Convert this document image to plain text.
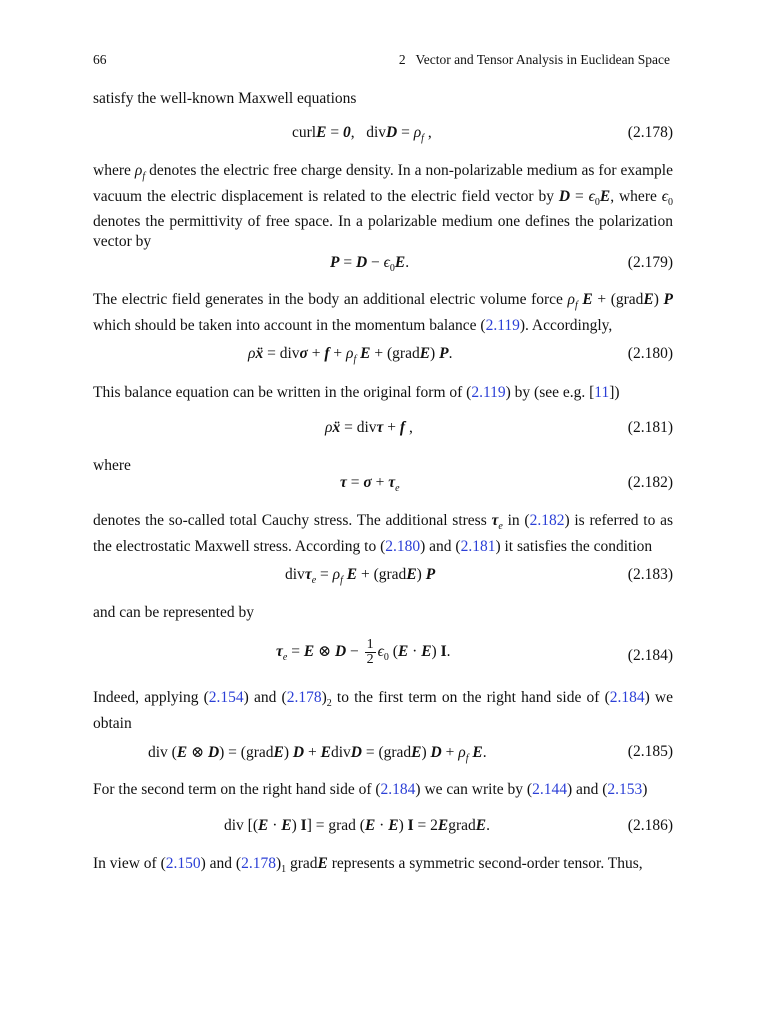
66	2   Vector and Tensor Analysis in Euclidean Space
satisfy the well-known Maxwell equations
curlE = 0,   divD = $\rho_f$ ,	(2.178)
where $\rho_f$ denotes the electric free charge density. In a non-polarizable medium as for example vacuum the electric displacement is related to the electric field vector by $D = \epsilon_0E$, where $\epsilon_0$ denotes the permittivity of free space. In a polarizable medium one defines the polarization vector by
$P = D - \epsilon_0E$.	(2.179)
The electric field generates in the body an additional electric volume force $\rho_f$ E + (gradE) P which should be taken into account in the momentum balance (2.119). Accordingly,
ρẍ = $div\sigma + f + \rho_f$ E + (gradE) P.	(2.180)
This balance equation can be written in the original form of (2.119) by (see e.g. [11])
ρẍ = divτ + f ,	(2.181)
where
$\tau = \sigma + \tau_e$	(2.182)
denotes the so-called total Cauchy stress. The additional stress $\tau_e$ in (2.182) is referred to as the electrostatic Maxwell stress. According to (2.180) and (2.181) it satisfies the condition
$div\tau_e = \rho_f$ E + (gradE) P	(2.183)
and can be represented by
$\tau_e = E$ ⊗ $D - \frac{1}{2} \epsilon_0$ (E · E) I.	(2.184)
Indeed, applying (2.154) and $(2.178)_2$ to the first term on the right hand side of (2.184) we obtain
div (E ⊗ D) = (gradE) D + EdivD = (gradE) $D + \rho_f$ E.	(2.185)
For the second term on the right hand side of (2.184) we can write by (2.144) and (2.153)
div [(E · E) I] = grad (E · E) I = 2EgradE.	(2.186)
In view of (2.150) and $(2.178)_1$ gradE represents a symmetric second-order tensor. Thus,
